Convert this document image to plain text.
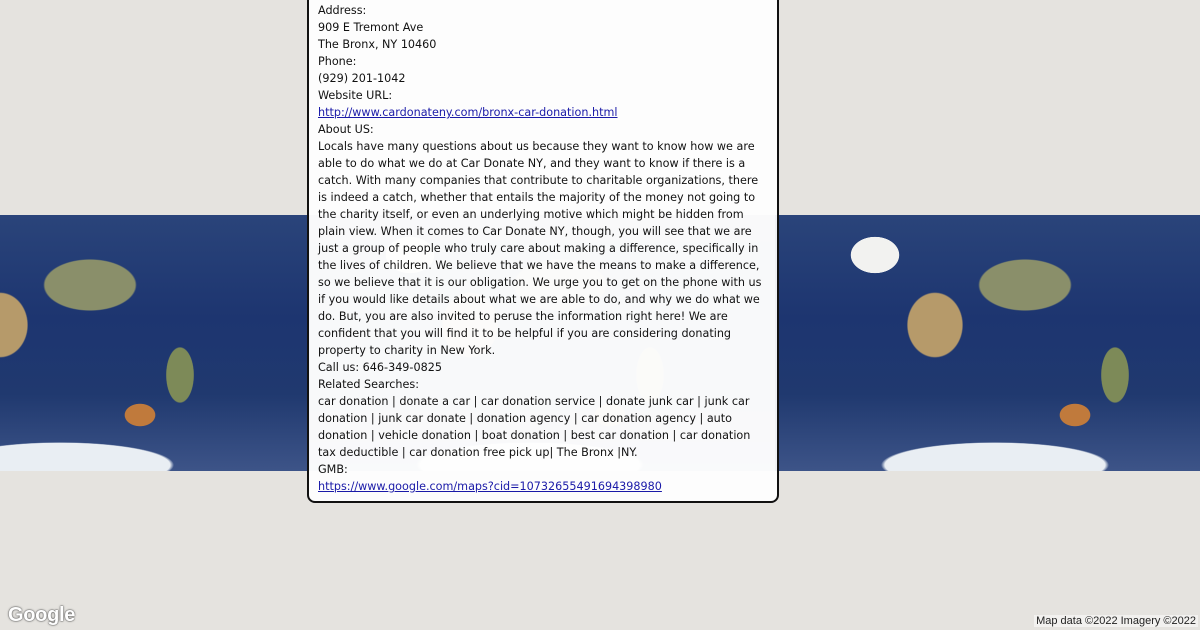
Address:
909 E Tremont Ave
The Bronx, NY 10460
Phone:
(929) 201-1042
Website URL:
http://www.cardonateny.com/bronx-car-donation.html
About US:
Locals have many questions about us because they want to know how we are able to do what we do at Car Donate NY, and they want to know if there is a catch. With many companies that contribute to charitable organizations, there is indeed a catch, whether that entails the majority of the money not going to the charity itself, or even an underlying motive which might be hidden from plain view. When it comes to Car Donate NY, though, you will see that we are just a group of people who truly care about making a difference, specifically in the lives of children. We believe that we have the means to make a difference, so we believe that it is our obligation. We urge you to get on the phone with us if you would like details about what we are able to do, and why we do what we do. But, you are also invited to peruse the information right here! We are confident that you will find it to be helpful if you are considering donating property to charity in New York.
Call us: 646-349-0825
Related Searches:
car donation | donate a car | car donation service | donate junk car | junk car donation | junk car donate | donation agency | car donation agency | auto donation | vehicle donation | boat donation | best car donation | car donation tax deductible | car donation free pick up| The Bronx |NY.
GMB:
https://www.google.com/maps?cid=10732655491694398980
Google	Map data ©2022 Imagery ©2022
